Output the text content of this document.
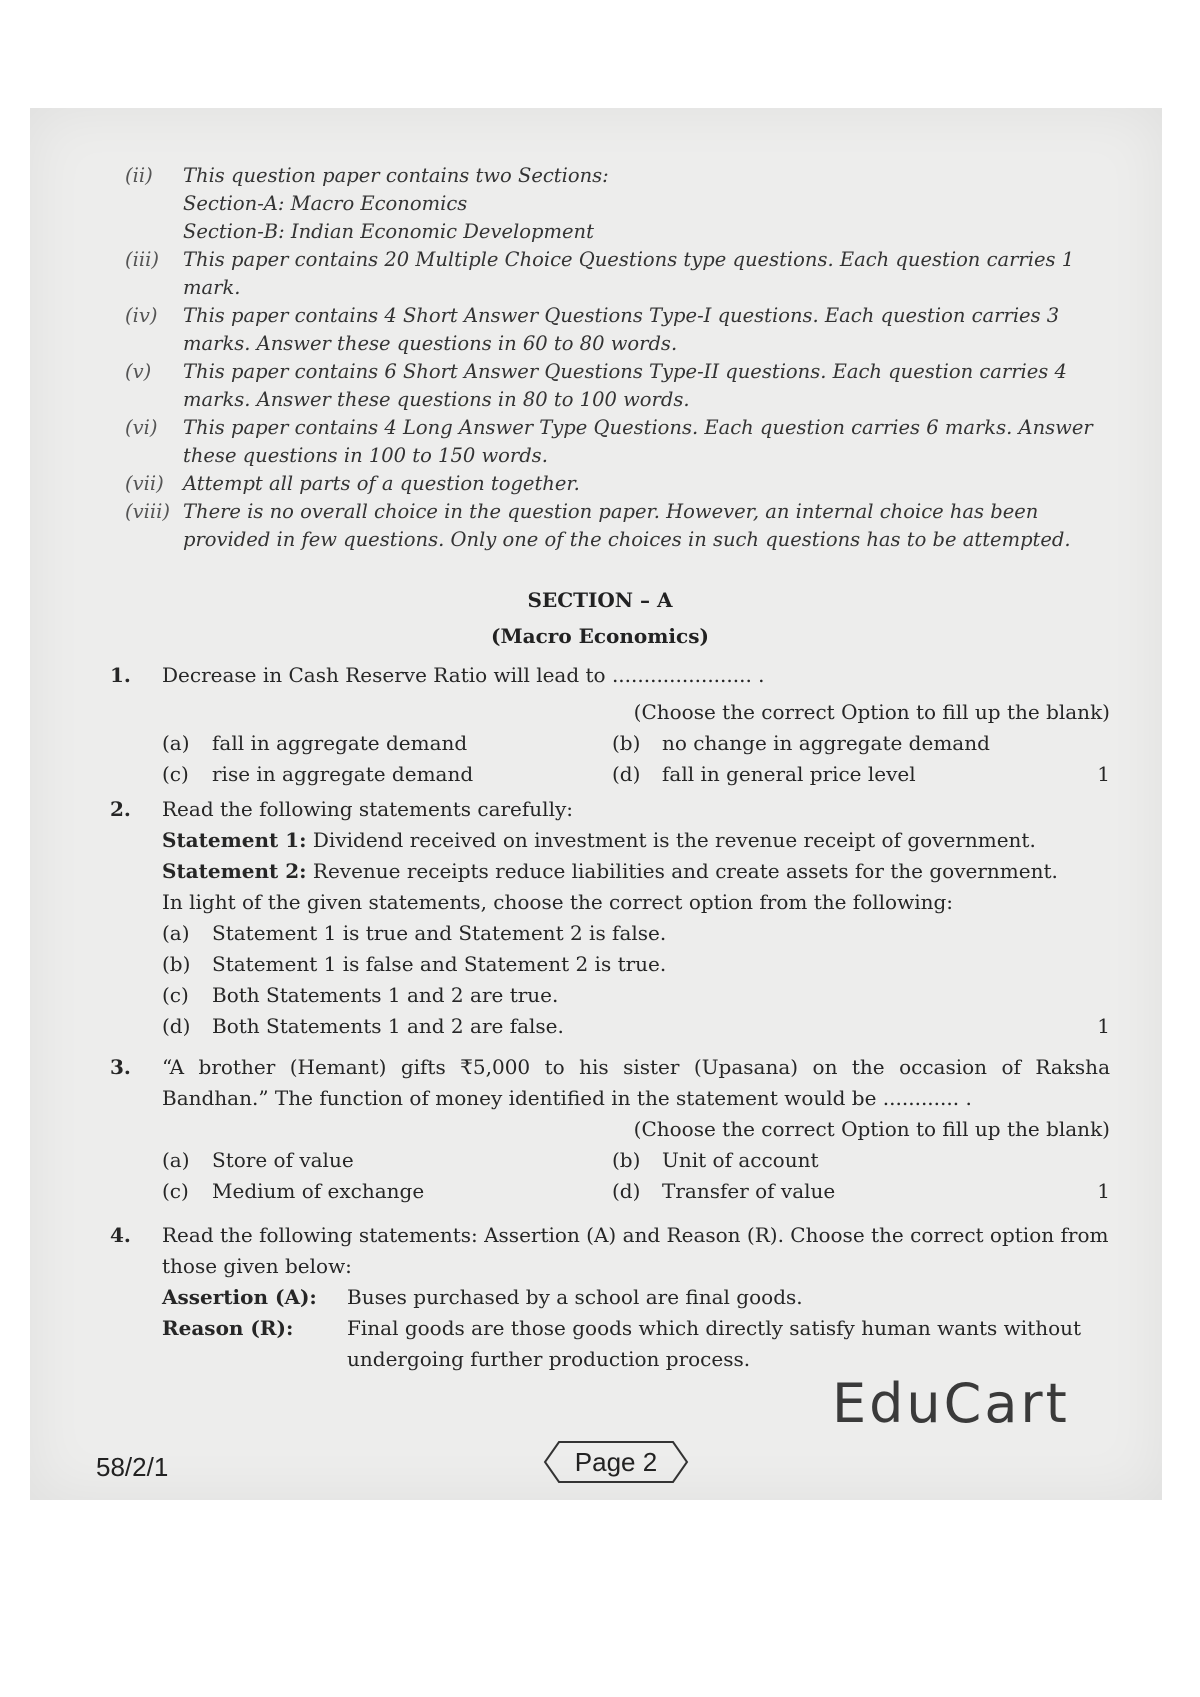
(ii)	This question paper contains two Sections:
Section-A: Macro Economics
Section-B: Indian Economic Development
(iii)	This paper contains 20 Multiple Choice Questions type questions. Each question carries 1 mark.
(iv)	This paper contains 4 Short Answer Questions Type-I questions. Each question carries 3 marks. Answer these questions in 60 to 80 words.
(v)	This paper contains 6 Short Answer Questions Type-II questions. Each question carries 4 marks. Answer these questions in 80 to 100 words.
(vi)	This paper contains 4 Long Answer Type Questions. Each question carries 6 marks. Answer these questions in 100 to 150 words.
(vii) Attempt all parts of a question together.
(viii) There is no overall choice in the question paper. However, an internal choice has been provided in few questions. Only one of the choices in such questions has to be attempted.
SECTION – A
(Macro Economics)
1. Decrease in Cash Reserve Ratio will lead to ...................... .
(Choose the correct Option to fill up the blank)
(a)	fall in aggregate demand	(b)	no change in aggregate demand
(c)	rise in aggregate demand	(d)	fall in general price level	1
2. Read the following statements carefully:
Statement 1: Dividend received on investment is the revenue receipt of government.
Statement 2: Revenue receipts reduce liabilities and create assets for the government.
In light of the given statements, choose the correct option from the following:
(a)	Statement 1 is true and Statement 2 is false.
(b)	Statement 1 is false and Statement 2 is true.
(c)	Both Statements 1 and 2 are true.
(d)	Both Statements 1 and 2 are false.	1
3. “A brother (Hemant) gifts ₹5,000 to his sister (Upasana) on the occasion of Raksha Bandhan.” The function of money identified in the statement would be ............ .
(Choose the correct Option to fill up the blank)
(a)	Store of value	(b)	Unit of account
(c)	Medium of exchange	(d)	Transfer of value	1
4. Read the following statements: Assertion (A) and Reason (R). Choose the correct option from those given below:
Assertion (A):	Buses purchased by a school are final goods.
Reason (R):	Final goods are those goods which directly satisfy human wants without undergoing further production process.
EduCart
58/2/1	Page 2
